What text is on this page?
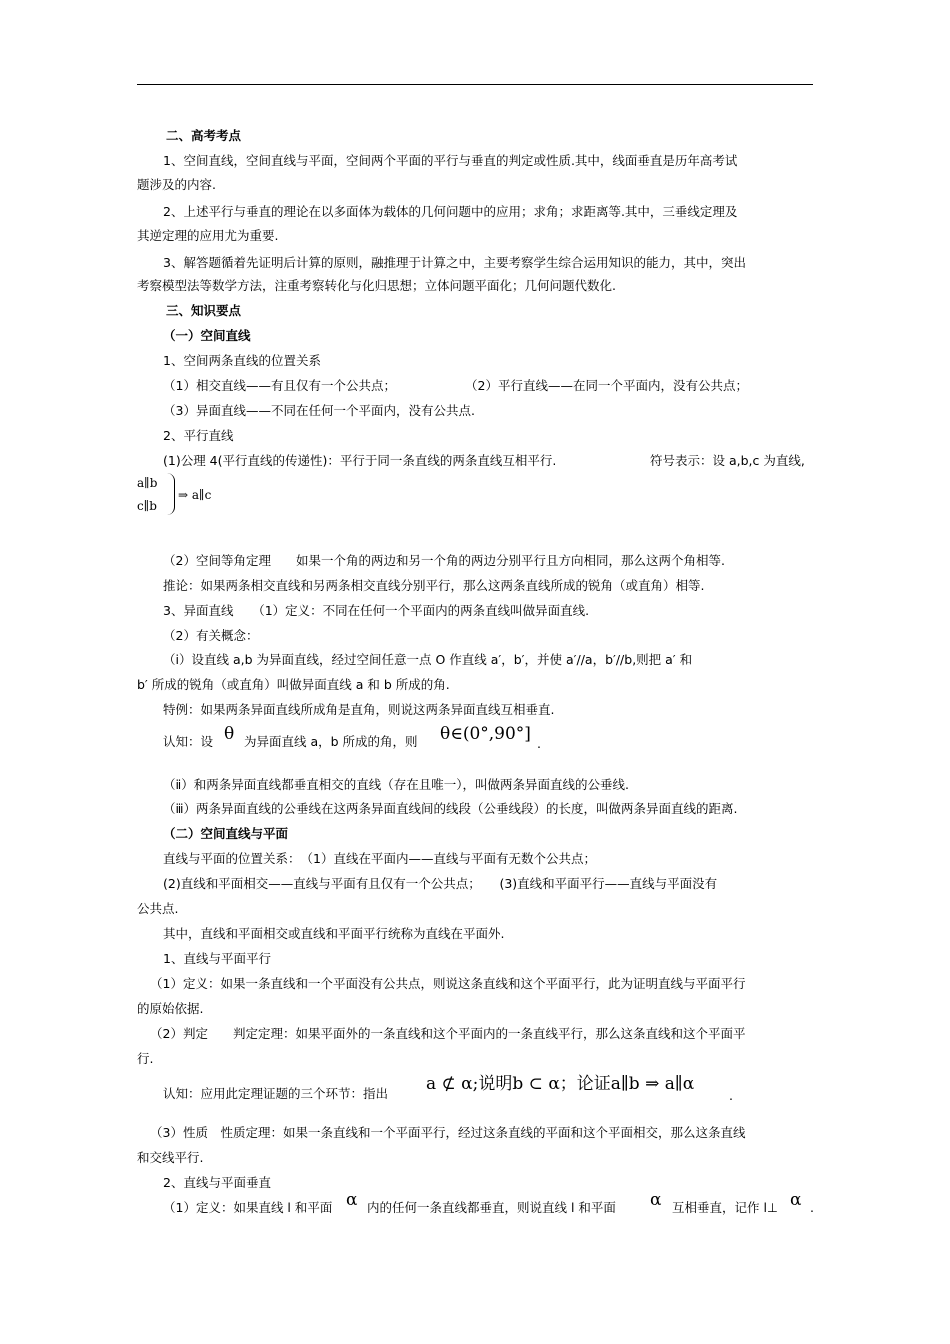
二、高考考点
1、空间直线，空间直线与平面，空间两个平面的平行与垂直的判定或性质.其中，线面垂直是历年高考试
题涉及的内容.
2、上述平行与垂直的理论在以多面体为载体的几何问题中的应用；求角；求距离等.其中，三垂线定理及
其逆定理的应用尤为重要.
3、解答题循着先证明后计算的原则，融推理于计算之中，主要考察学生综合运用知识的能力，其中，突出
考察模型法等数学方法，注重考察转化与化归思想；立体问题平面化；几何问题代数化.
三、知识要点
（一）空间直线
1、空间两条直线的位置关系
（1）相交直线——有且仅有一个公共点；	（2）平行直线——在同一个平面内，没有公共点；
（3）异面直线——不同在任何一个平面内，没有公共点.
2、平行直线
(1)公理 4(平行直线的传递性)：平行于同一条直线的两条直线互相平行.	符号表示：设 a,b,c 为直线,
a∥b
c∥b
⇒ a∥c
（2）空间等角定理　　如果一个角的两边和另一个角的两边分别平行且方向相同，那么这两个角相等.
推论：如果两条相交直线和另两条相交直线分别平行，那么这两条直线所成的锐角（或直角）相等.
3、异面直线　　（1）定义：不同在任何一个平面内的两条直线叫做异面直线.
（2）有关概念：
（ⅰ）设直线 a,b 为异面直线，经过空间任意一点 O 作直线 a′，b′，并使 a′//a，b′//b,则把 a′ 和
b′ 所成的锐角（或直角）叫做异面直线 a 和 b 所成的角.
特例：如果两条异面直线所成角是直角，则说这两条异面直线互相垂直.
认知：设 θ 为异面直线 a，b 所成的角，则 θ∈(0°,90°] .
（ⅱ）和两条异面直线都垂直相交的直线（存在且唯一），叫做两条异面直线的公垂线.
（ⅲ）两条异面直线的公垂线在这两条异面直线间的线段（公垂线段）的长度，叫做两条异面直线的距离.
（二）空间直线与平面
直线与平面的位置关系：　（1）直线在平面内——直线与平面有无数个公共点；
(2)直线和平面相交——直线与平面有且仅有一个公共点；　　(3)直线和平面平行——直线与平面没有
公共点.
其中，直线和平面相交或直线和平面平行统称为直线在平面外.
1、直线与平面平行
（1）定义：如果一条直线和一个平面没有公共点，则说这条直线和这个平面平行，此为证明直线与平面平行
的原始依据.
（2）判定　　判定定理：如果平面外的一条直线和这个平面内的一条直线平行，那么这条直线和这个平面平
行.
认知：应用此定理证题的三个环节：指出 a ⊄ α;说明b ⊂ α；论证a∥b ⇒ a∥α
.
（3）性质　性质定理：如果一条直线和一个平面平行，经过这条直线的平面和这个平面相交，那么这条直线
和交线平行.
2、直线与平面垂直
（1）定义：如果直线 l 和平面 α 内的任何一条直线都垂直，则说直线 l 和平面 α 互相垂直，记作 l⊥ α .
